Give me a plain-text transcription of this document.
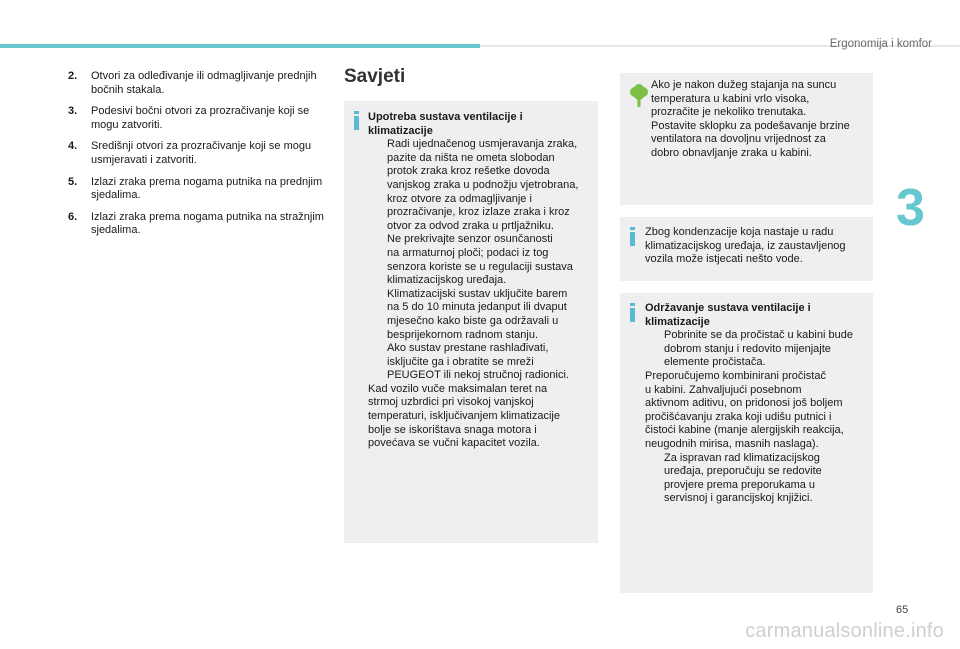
Ergonomija i komfor
3
65
carmanualsonline.info
2. Otvori za odleđivanje ili odmagljivanje prednjih bočnih stakala.
3. Podesivi bočni otvori za prozračivanje koji se mogu zatvoriti.
4. Središnji otvori za prozračivanje koji se mogu usmjeravati i zatvoriti.
5. Izlazi zraka prema nogama putnika na prednjim sjedalima.
6. Izlazi zraka prema nogama putnika na stražnjim sjedalima.
Savjeti
Upotreba sustava ventilacije i
klimatizacije
Radi ujednačenog usmjeravanja zraka,
pazite da ništa ne ometa slobodan
protok zraka kroz rešetke dovoda
vanjskog zraka u podnožju vjetrobrana,
kroz otvore za odmagljivanje i
prozračivanje, kroz izlaze zraka i kroz
otvor za odvod zraka u prtljažniku.
Ne prekrivajte senzor osunčanosti
na armaturnoj ploči; podaci iz tog
senzora koriste se u regulaciji sustava
klimatizacijskog uređaja.
Klimatizacijski sustav uključite barem
na 5 do 10 minuta jedanput ili dvaput
mjesečno kako biste ga održavali u
besprijekornom radnom stanju.
Ako sustav prestane rashlađivati,
isključite ga i obratite se mreži
PEUGEOT ili nekoj stručnoj radionici.
Kad vozilo vuče maksimalan teret na
strmoj uzbrdici pri visokoj vanjskoj
temperaturi, isključivanjem klimatizacije
bolje se iskorištava snaga motora i
povećava se vučni kapacitet vozila.
Ako je nakon dužeg stajanja na suncu
temperatura u kabini vrlo visoka,
prozračite je nekoliko trenutaka.
Postavite sklopku za podešavanje brzine
ventilatora na dovoljnu vrijednost za
dobro obnavljanje zraka u kabini.
Zbog kondenzacije koja nastaje u radu
klimatizacijskog uređaja, iz zaustavljenog
vozila može istjecati nešto vode.
Održavanje sustava ventilacije i
klimatizacije
Pobrinite se da pročistač u kabini bude
dobrom stanju i redovito mijenjajte
elemente pročistača.
Preporučujemo kombinirani pročistač
u kabini. Zahvaljujući posebnom
aktivnom aditivu, on pridonosi još boljem
pročišćavanju zraka koji udišu putnici i
čistoći kabine (manje alergijskih reakcija,
neugodnih mirisa, masnih naslaga).
Za ispravan rad klimatizacijskog
uređaja, preporučuju se redovite
provjere prema preporukama u
servisnoj i garancijskoj knjižici.
